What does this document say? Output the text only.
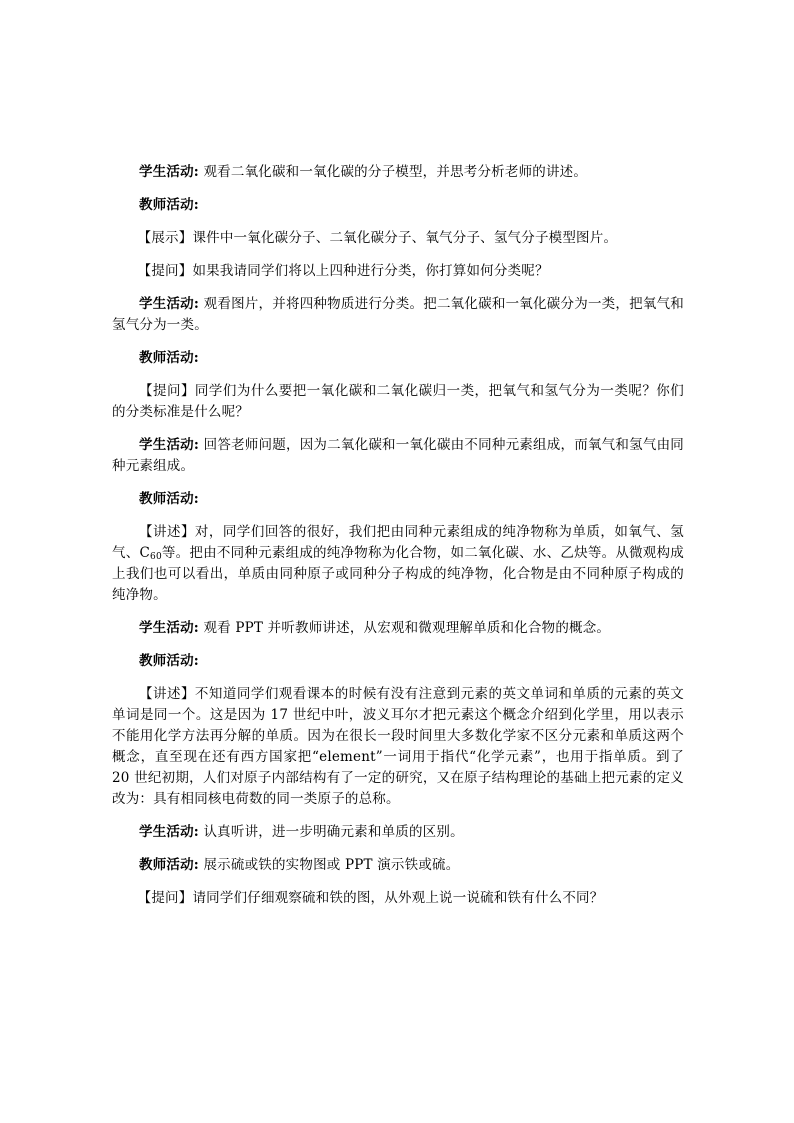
学生活动: 观看二氧化碳和一氧化碳的分子模型，并思考分析老师的讲述。

教师活动:

【展示】课件中一氧化碳分子、二氧化碳分子、氧气分子、氢气分子模型图片。

【提问】如果我请同学们将以上四种进行分类，你打算如何分类呢？

学生活动: 观看图片，并将四种物质进行分类。把二氧化碳和一氧化碳分为一类，把氧气和氢气分为一类。

教师活动:

【提问】同学们为什么要把一氧化碳和二氧化碳归一类，把氧气和氢气分为一类呢？你们的分类标准是什么呢？

学生活动: 回答老师问题，因为二氧化碳和一氧化碳由不同种元素组成，而氧气和氢气由同种元素组成。

教师活动:

【讲述】对，同学们回答的很好，我们把由同种元素组成的纯净物称为单质，如氧气、氢气、$C_{60}$等。把由不同种元素组成的纯净物称为化合物，如二氧化碳、水、乙炔等。从微观构成上我们也可以看出，单质由同种原子或同种分子构成的纯净物，化合物是由不同种原子构成的纯净物。

学生活动: 观看 PPT 并听教师讲述，从宏观和微观理解单质和化合物的概念。

教师活动:

【讲述】不知道同学们观看课本的时候有没有注意到元素的英文单词和单质的元素的英文单词是同一个。这是因为 17 世纪中叶，波义耳尔才把元素这个概念介绍到化学里，用以表示不能用化学方法再分解的单质。因为在很长一段时间里大多数化学家不区分元素和单质这两个概念，直至现在还有西方国家把“element”一词用于指代“化学元素”，也用于指单质。到了 20 世纪初期，人们对原子内部结构有了一定的研究，又在原子结构理论的基础上把元素的定义改为：具有相同核电荷数的同一类原子的总称。

学生活动: 认真听讲，进一步明确元素和单质的区别。

教师活动: 展示硫或铁的实物图或 PPT 演示铁或硫。

【提问】请同学们仔细观察硫和铁的图，从外观上说一说硫和铁有什么不同？
